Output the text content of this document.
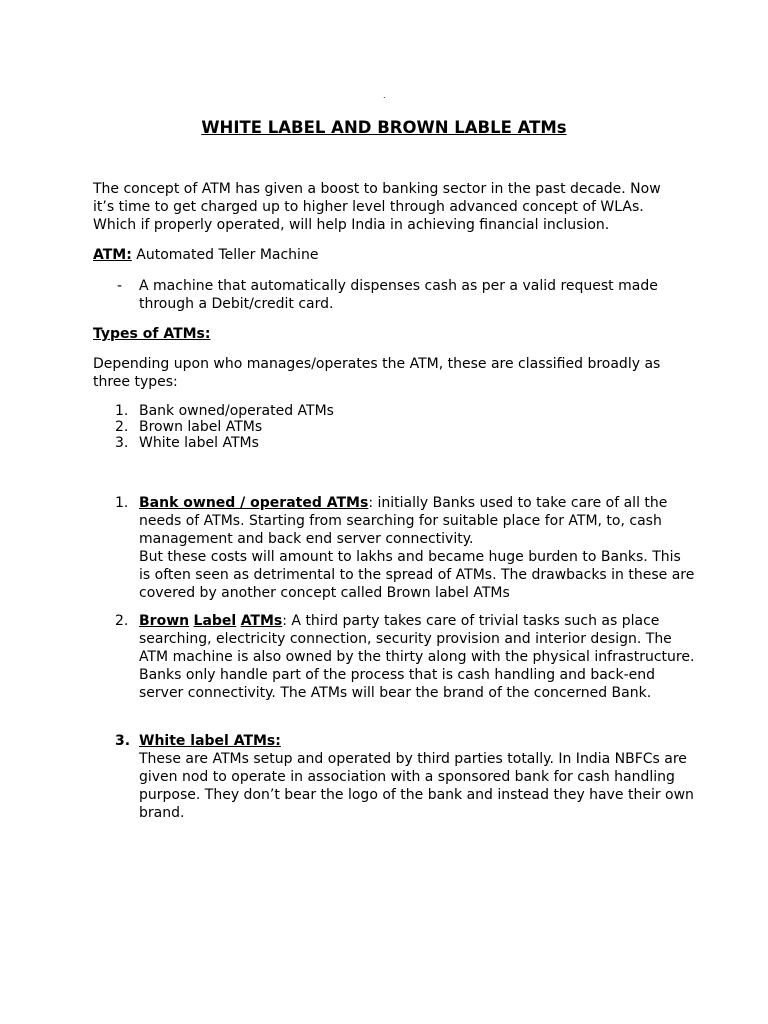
.
WHITE LABEL AND BROWN LABLE ATMs
The concept of ATM has given a boost to banking sector in the past decade. Now it’s time to get charged up to higher level through advanced concept of WLAs. Which if properly operated, will help India in achieving financial inclusion.
ATM: Automated Teller Machine
- A machine that automatically dispenses cash as per a valid request made through a Debit/credit card.
Types of ATMs:
Depending upon who manages/operates the ATM, these are classified broadly as three types:
1. Bank owned/operated ATMs
2. Brown label ATMs
3. White label ATMs
1. Bank owned / operated ATMs: initially Banks used to take care of all the needs of ATMs. Starting from searching for suitable place for ATM, to, cash management and back end server connectivity.
But these costs will amount to lakhs and became huge burden to Banks. This is often seen as detrimental to the spread of ATMs. The drawbacks in these are covered by another concept called Brown label ATMs
2. Brown Label ATMs: A third party takes care of trivial tasks such as place searching, electricity connection, security provision and interior design. The ATM machine is also owned by the thirty along with the physical infrastructure. Banks only handle part of the process that is cash handling and back-end server connectivity. The ATMs will bear the brand of the concerned Bank.
3. White label ATMs:
These are ATMs setup and operated by third parties totally. In India NBFCs are given nod to operate in association with a sponsored bank for cash handling purpose. They don’t bear the logo of the bank and instead they have their own brand.
